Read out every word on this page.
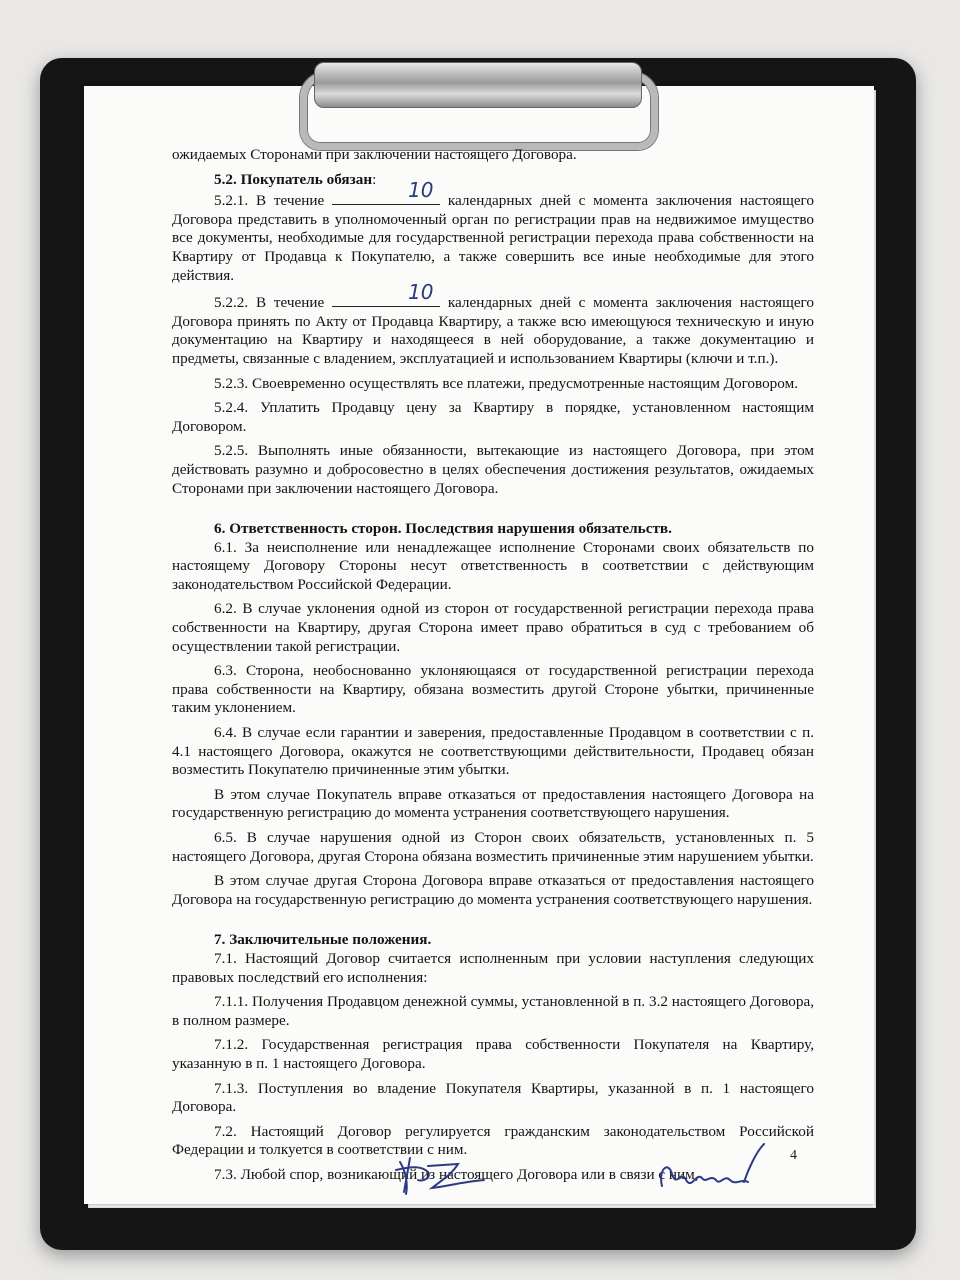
ожидаемых Сторонами при заключении настоящего Договора.

5.2. Покупатель обязан:

5.2.1. В течение	10 календарных дней с момента заключения настоящего Договора представить в уполномоченный орган по регистрации прав на недвижимое имущество все документы, необходимые для государственной регистрации перехода права собственности на Квартиру от Продавца к Покупателю, а также совершить все иные необходимые для этого действия.

5.2.2. В течение	10 календарных дней с момента заключения настоящего Договора принять по Акту от Продавца Квартиру, а также всю имеющуюся техническую и иную документацию на Квартиру и находящееся в ней оборудование, а также документацию и предметы, связанные с владением, эксплуатацией и использованием Квартиры (ключи и т.п.).

5.2.3. Своевременно осуществлять все платежи, предусмотренные настоящим Договором.

5.2.4. Уплатить Продавцу цену за Квартиру в порядке, установленном настоящим Договором.

5.2.5. Выполнять иные обязанности, вытекающие из настоящего Договора, при этом действовать разумно и добросовестно в целях обеспечения достижения результатов, ожидаемых Сторонами при заключении настоящего Договора.

6. Ответственность сторон. Последствия нарушения обязательств.

6.1. За неисполнение или ненадлежащее исполнение Сторонами своих обязательств по настоящему Договору Стороны несут ответственность в соответствии с действующим законодательством Российской Федерации.

6.2. В случае уклонения одной из сторон от государственной регистрации перехода права собственности на Квартиру, другая Сторона имеет право обратиться в суд с требованием об осуществлении такой регистрации.

6.3. Сторона, необоснованно уклоняющаяся от государственной регистрации перехода права собственности на Квартиру, обязана возместить другой Стороне убытки, причиненные таким уклонением.

6.4. В случае если гарантии и заверения, предоставленные Продавцом в соответствии с п. 4.1 настоящего Договора, окажутся не соответствующими действительности, Продавец обязан возместить Покупателю причиненные этим убытки.

В этом случае Покупатель вправе отказаться от предоставления настоящего Договора на государственную регистрацию до момента устранения соответствующего нарушения.

6.5. В случае нарушения одной из Сторон своих обязательств, установленных п. 5 настоящего Договора, другая Сторона обязана возместить причиненные этим нарушением убытки.

В этом случае другая Сторона Договора вправе отказаться от предоставления настоящего Договора на государственную регистрацию до момента устранения соответствующего нарушения.

7. Заключительные положения.

7.1. Настоящий Договор считается исполненным при условии наступления следующих правовых последствий его исполнения:

7.1.1. Получения Продавцом денежной суммы, установленной в п. 3.2 настоящего Договора, в полном размере.

7.1.2. Государственная регистрация права собственности Покупателя на Квартиру, указанную в п. 1 настоящего Договора.

7.1.3. Поступления во владение Покупателя Квартиры, указанной в п. 1 настоящего Договора.

7.2. Настоящий Договор регулируется гражданским законодательством Российской Федерации и толкуется в соответствии с ним.

7.3. Любой спор, возникающий из настоящего Договора или в связи с ним,

4
